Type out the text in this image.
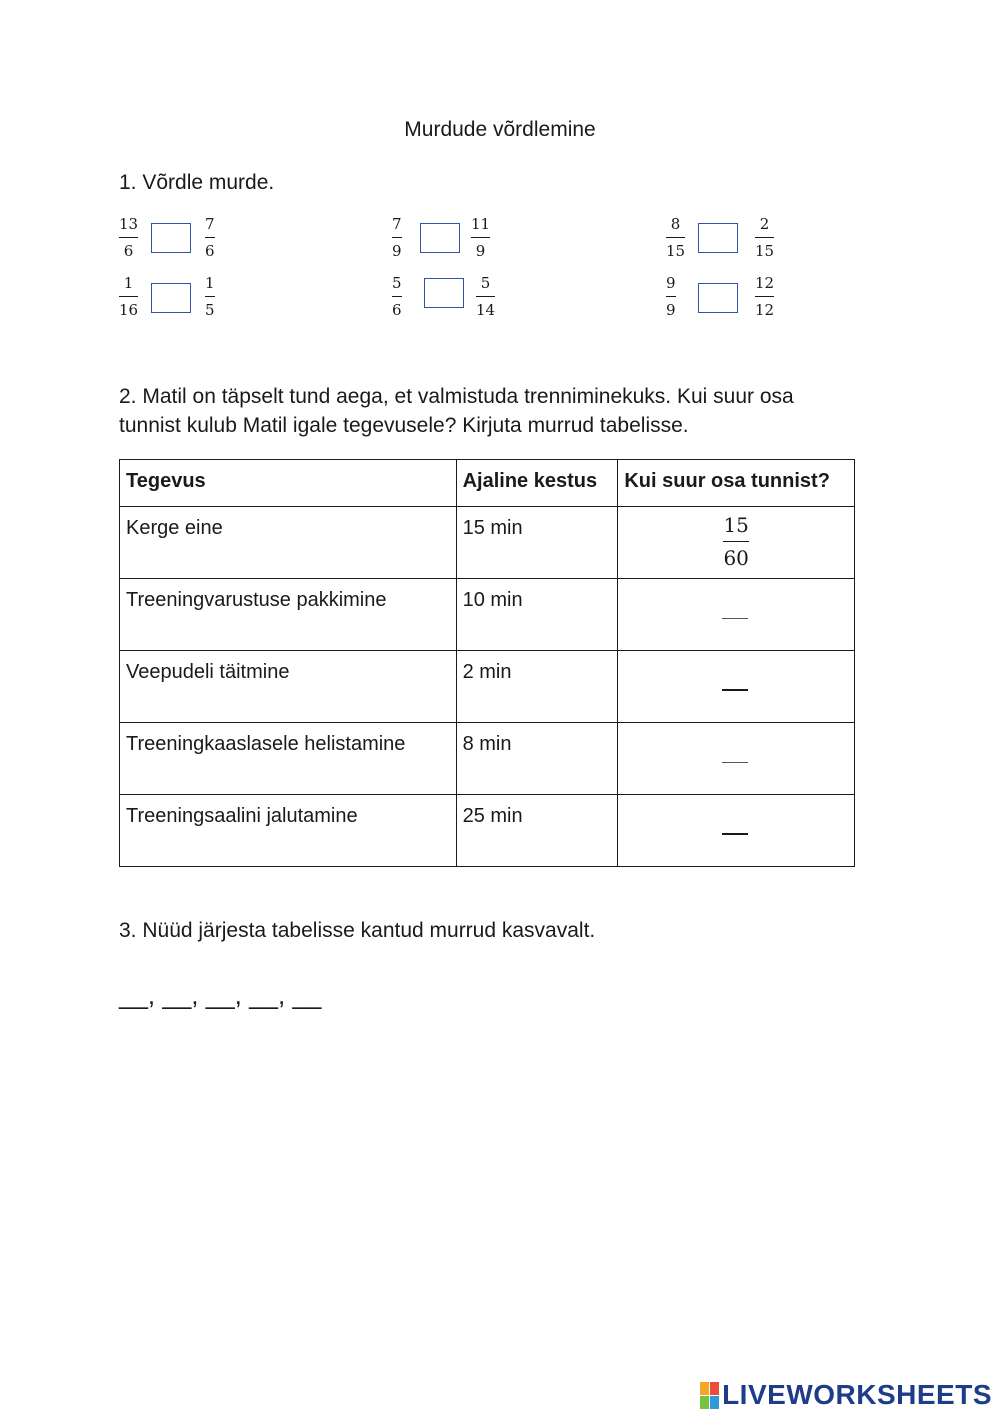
Murdude võrdlemine
1. Võrdle murde.
13
6
7
6
7
9
11
9
8
15
2
15
1
16
1
5
5
6
5
14
9
9
12
12
2. Matil on täpselt tund aega, et valmistuda trenniminekuks. Kui suur osa
tunnist kulub Matil igale tegevusele? Kirjuta murrud tabelisse.
Tegevus	Ajaline kestus	Kui suur osa tunnist?
Kerge eine	15 min	15
60

Treeningvarustuse pakkimine	10 min	

Veepudeli täitmine	2 min	

Treeningkaaslasele helistamine	8 min	

Treeningsaalini jalutamine	25 min	
3. Nüüd järjesta tabelisse kantud murrud kasvavalt.
__, __, __, __, __
LIVEWORKSHEETS
